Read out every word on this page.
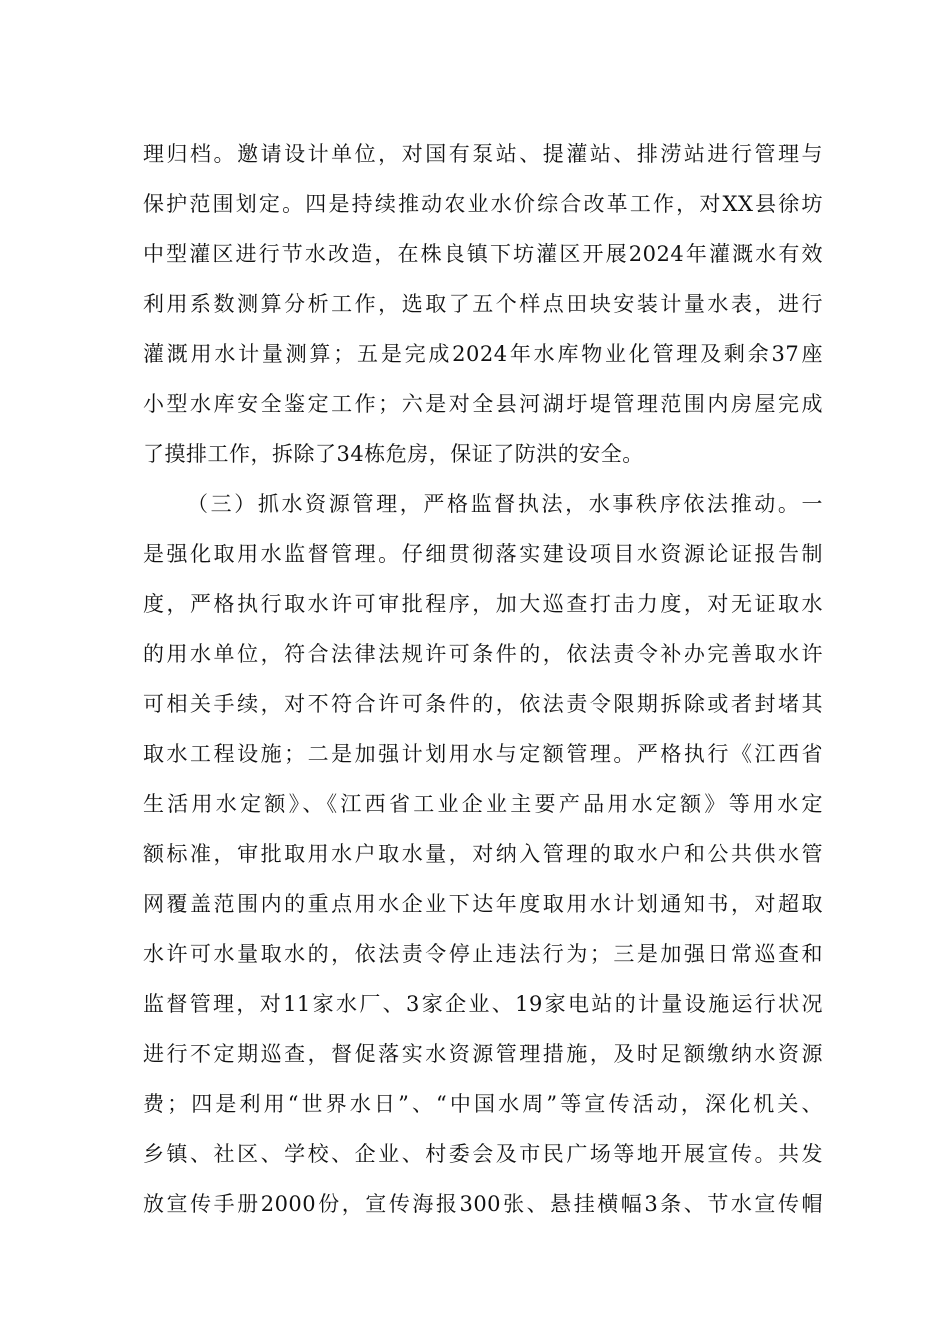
理归档。邀请设计单位，对国有泵站、提灌站、排涝站进行管理与
保护范围划定。四是持续推动农业水价综合改革工作，对XX县徐坊
中型灌区进行节水改造，在株良镇下坊灌区开展2024年灌溉水有效
利用系数测算分析工作，选取了五个样点田块安装计量水表，进行
灌溉用水计量测算；五是完成2024年水库物业化管理及剩余37座
小型水库安全鉴定工作；六是对全县河湖圩堤管理范围内房屋完成
了摸排工作，拆除了34栋危房，保证了防洪的安全。
（三）抓水资源管理，严格监督执法，水事秩序依法推动。一
是强化取用水监督管理。仔细贯彻落实建设项目水资源论证报告制
度，严格执行取水许可审批程序，加大巡查打击力度，对无证取水
的用水单位，符合法律法规许可条件的，依法责令补办完善取水许
可相关手续，对不符合许可条件的，依法责令限期拆除或者封堵其
取水工程设施；二是加强计划用水与定额管理。严格执行《江西省
生活用水定额》、《江西省工业企业主要产品用水定额》等用水定
额标准，审批取用水户取水量，对纳入管理的取水户和公共供水管
网覆盖范围内的重点用水企业下达年度取用水计划通知书，对超取
水许可水量取水的，依法责令停止违法行为；三是加强日常巡查和
监督管理，对11家水厂、3家企业、19家电站的计量设施运行状况
进行不定期巡查，督促落实水资源管理措施，及时足额缴纳水资源
费；四是利用“世界水日”、“中国水周”等宣传活动，深化机关、
乡镇、社区、学校、企业、村委会及市民广场等地开展宣传。共发
放宣传手册2000份，宣传海报300张、悬挂横幅3条、节水宣传帽
